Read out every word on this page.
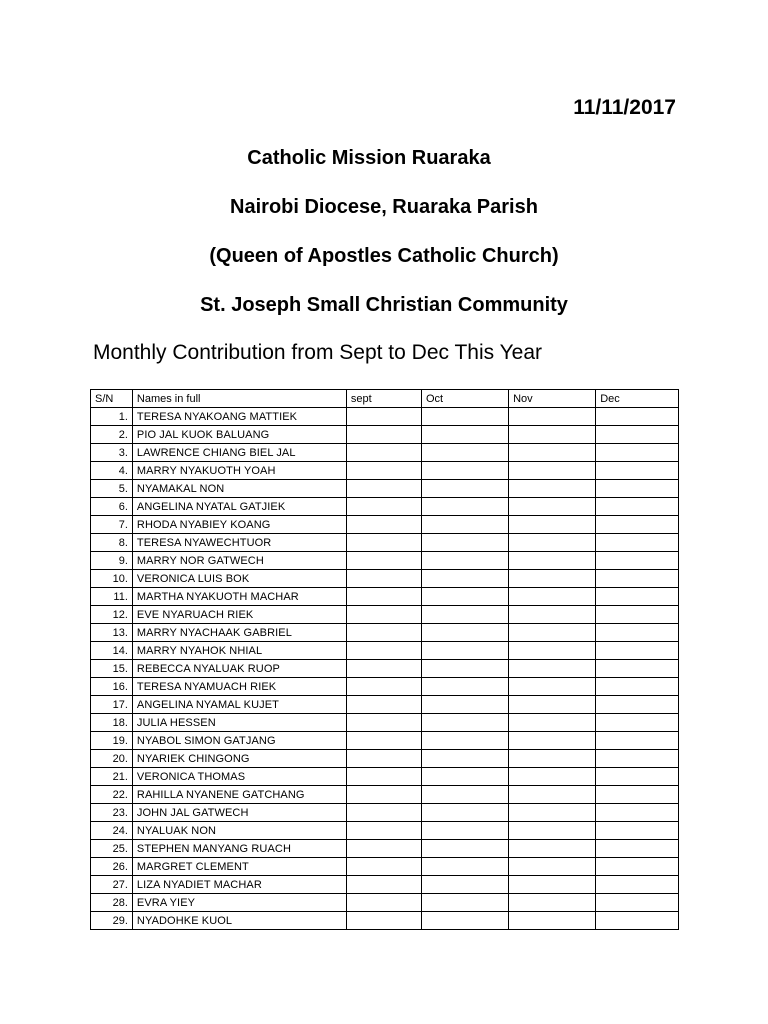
11/11/2017

Catholic Mission Ruaraka

Nairobi Diocese, Ruaraka Parish

(Queen of Apostles Catholic Church)

St. Joseph Small Christian Community

Monthly Contribution from Sept to Dec This Year

S/N	Names in full	sept	Oct	Nov	Dec
1.	TERESA NYAKOANG MATTIEK				
2.	PIO JAL KUOK BALUANG				
3.	LAWRENCE CHIANG BIEL JAL				
4.	MARRY NYAKUOTH YOAH				
5.	NYAMAKAL NON				
6.	ANGELINA NYATAL GATJIEK				
7.	RHODA NYABIEY KOANG				
8.	TERESA NYAWECHTUOR				
9.	MARRY NOR GATWECH				
10.	VERONICA LUIS BOK				
11.	MARTHA NYAKUOTH MACHAR				
12.	EVE NYARUACH RIEK				
13.	MARRY NYACHAAK GABRIEL				
14.	MARRY NYAHOK NHIAL				
15.	REBECCA NYALUAK RUOP				
16.	TERESA NYAMUACH RIEK				
17.	ANGELINA NYAMAL KUJET				
18.	JULIA HESSEN				
19.	NYABOL SIMON GATJANG				
20.	NYARIEK CHINGONG				
21.	VERONICA THOMAS				
22.	RAHILLA NYANENE GATCHANG				
23.	JOHN JAL GATWECH				
24.	NYALUAK NON				
25.	STEPHEN MANYANG RUACH				
26.	MARGRET CLEMENT				
27.	LIZA NYADIET MACHAR				
28.	EVRA YIEY				
29.	NYADOHKE KUOL				
